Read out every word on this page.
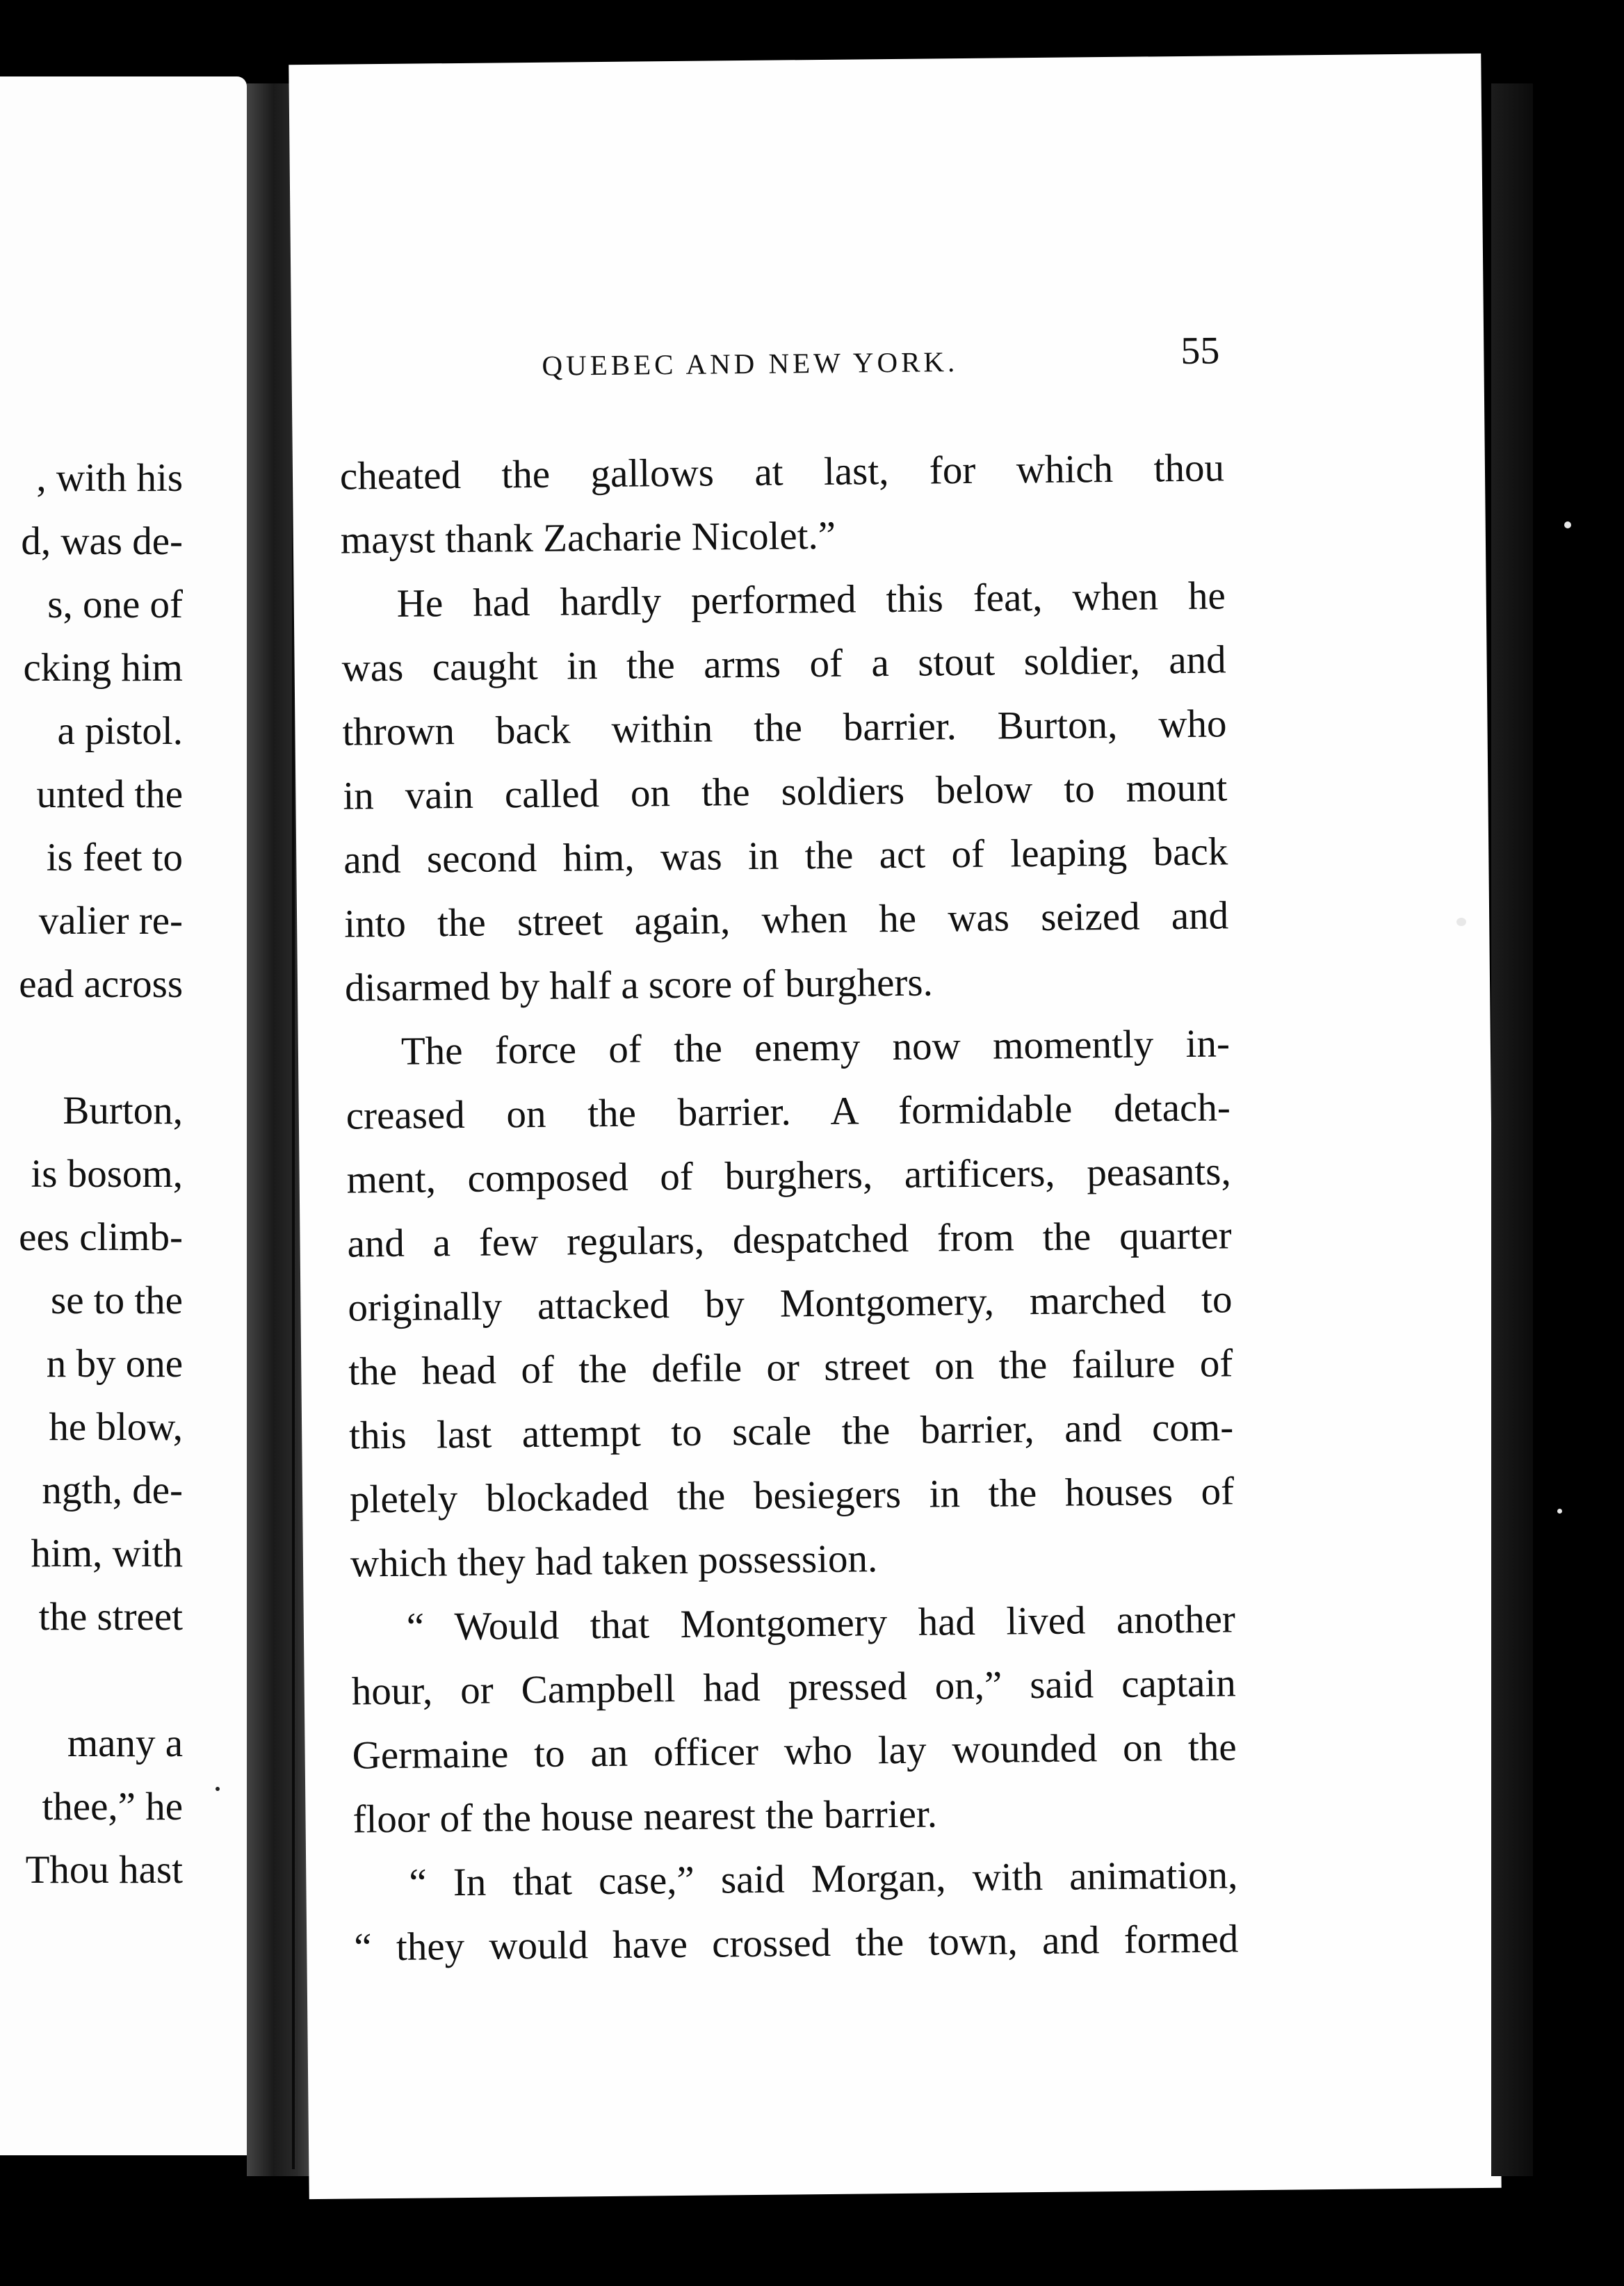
, with his
d, was de-
s, one of
cking him
a pistol.
unted the
is feet to
valier re-
ead across
Burton,
is bosom,
ees climb-
se to the
n by one
he blow,
ngth, de-
him, with
the street
many a
thee,” he
Thou hast
QUEBEC AND NEW YORK.	55
cheated the gallows at last, for which thou
mayst thank Zacharie Nicolet.”
He had hardly performed this feat, when he
was caught in the arms of a stout soldier, and
thrown back within the barrier. Burton, who
in vain called on the soldiers below to mount
and second him, was in the act of leaping back
into the street again, when he was seized and
disarmed by half a score of burghers.
The force of the enemy now momently in-
creased on the barrier. A formidable detach-
ment, composed of burghers, artificers, peasants,
and a few regulars, despatched from the quarter
originally attacked by Montgomery, marched to
the head of the defile or street on the failure of
this last attempt to scale the barrier, and com-
pletely blockaded the besiegers in the houses of
which they had taken possession.
“ Would that Montgomery had lived another
hour, or Campbell had pressed on,” said captain
Germaine to an officer who lay wounded on the
floor of the house nearest the barrier.
“ In that case,” said Morgan, with animation,
“ they would have crossed the town, and formed
